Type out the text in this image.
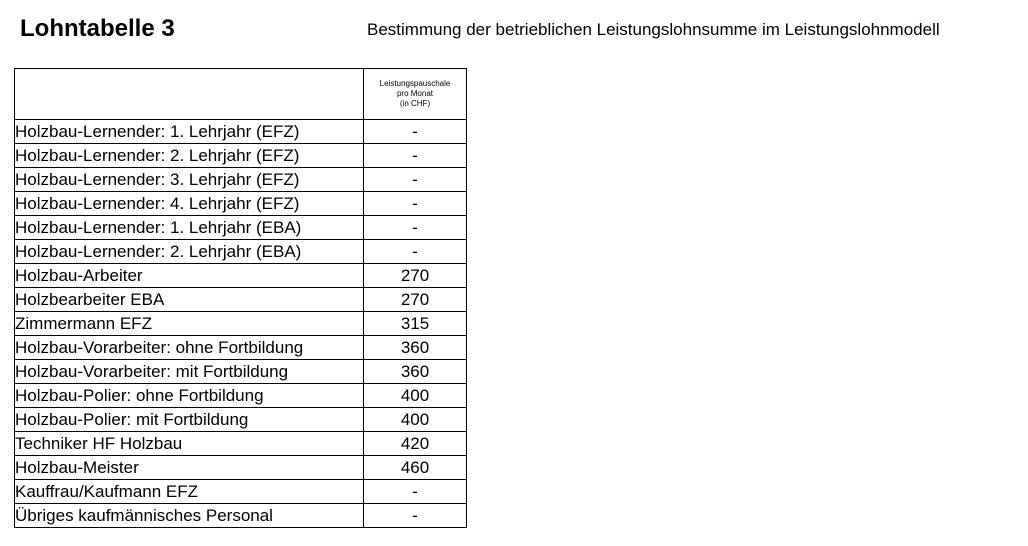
Lohntabelle 3	Bestimmung der betrieblichen Leistungslohnsumme im Leistungslohnmodell

	Leistungspauschale
pro Monat
(in CHF)

Holzbau-Lernender: 1. Lehrjahr (EFZ)	-
Holzbau-Lernender: 2. Lehrjahr (EFZ)	-
Holzbau-Lernender: 3. Lehrjahr (EFZ)	-
Holzbau-Lernender: 4. Lehrjahr (EFZ)	-
Holzbau-Lernender: 1. Lehrjahr (EBA)	-
Holzbau-Lernender: 2. Lehrjahr (EBA)	-
Holzbau-Arbeiter	270
Holzbearbeiter EBA	270
Zimmermann EFZ	315
Holzbau-Vorarbeiter: ohne Fortbildung	360
Holzbau-Vorarbeiter: mit Fortbildung	360
Holzbau-Polier: ohne Fortbildung	400
Holzbau-Polier: mit Fortbildung	400
Techniker HF Holzbau	420
Holzbau-Meister	460
Kauffrau/Kaufmann EFZ	-
Übriges kaufmännisches Personal	-
